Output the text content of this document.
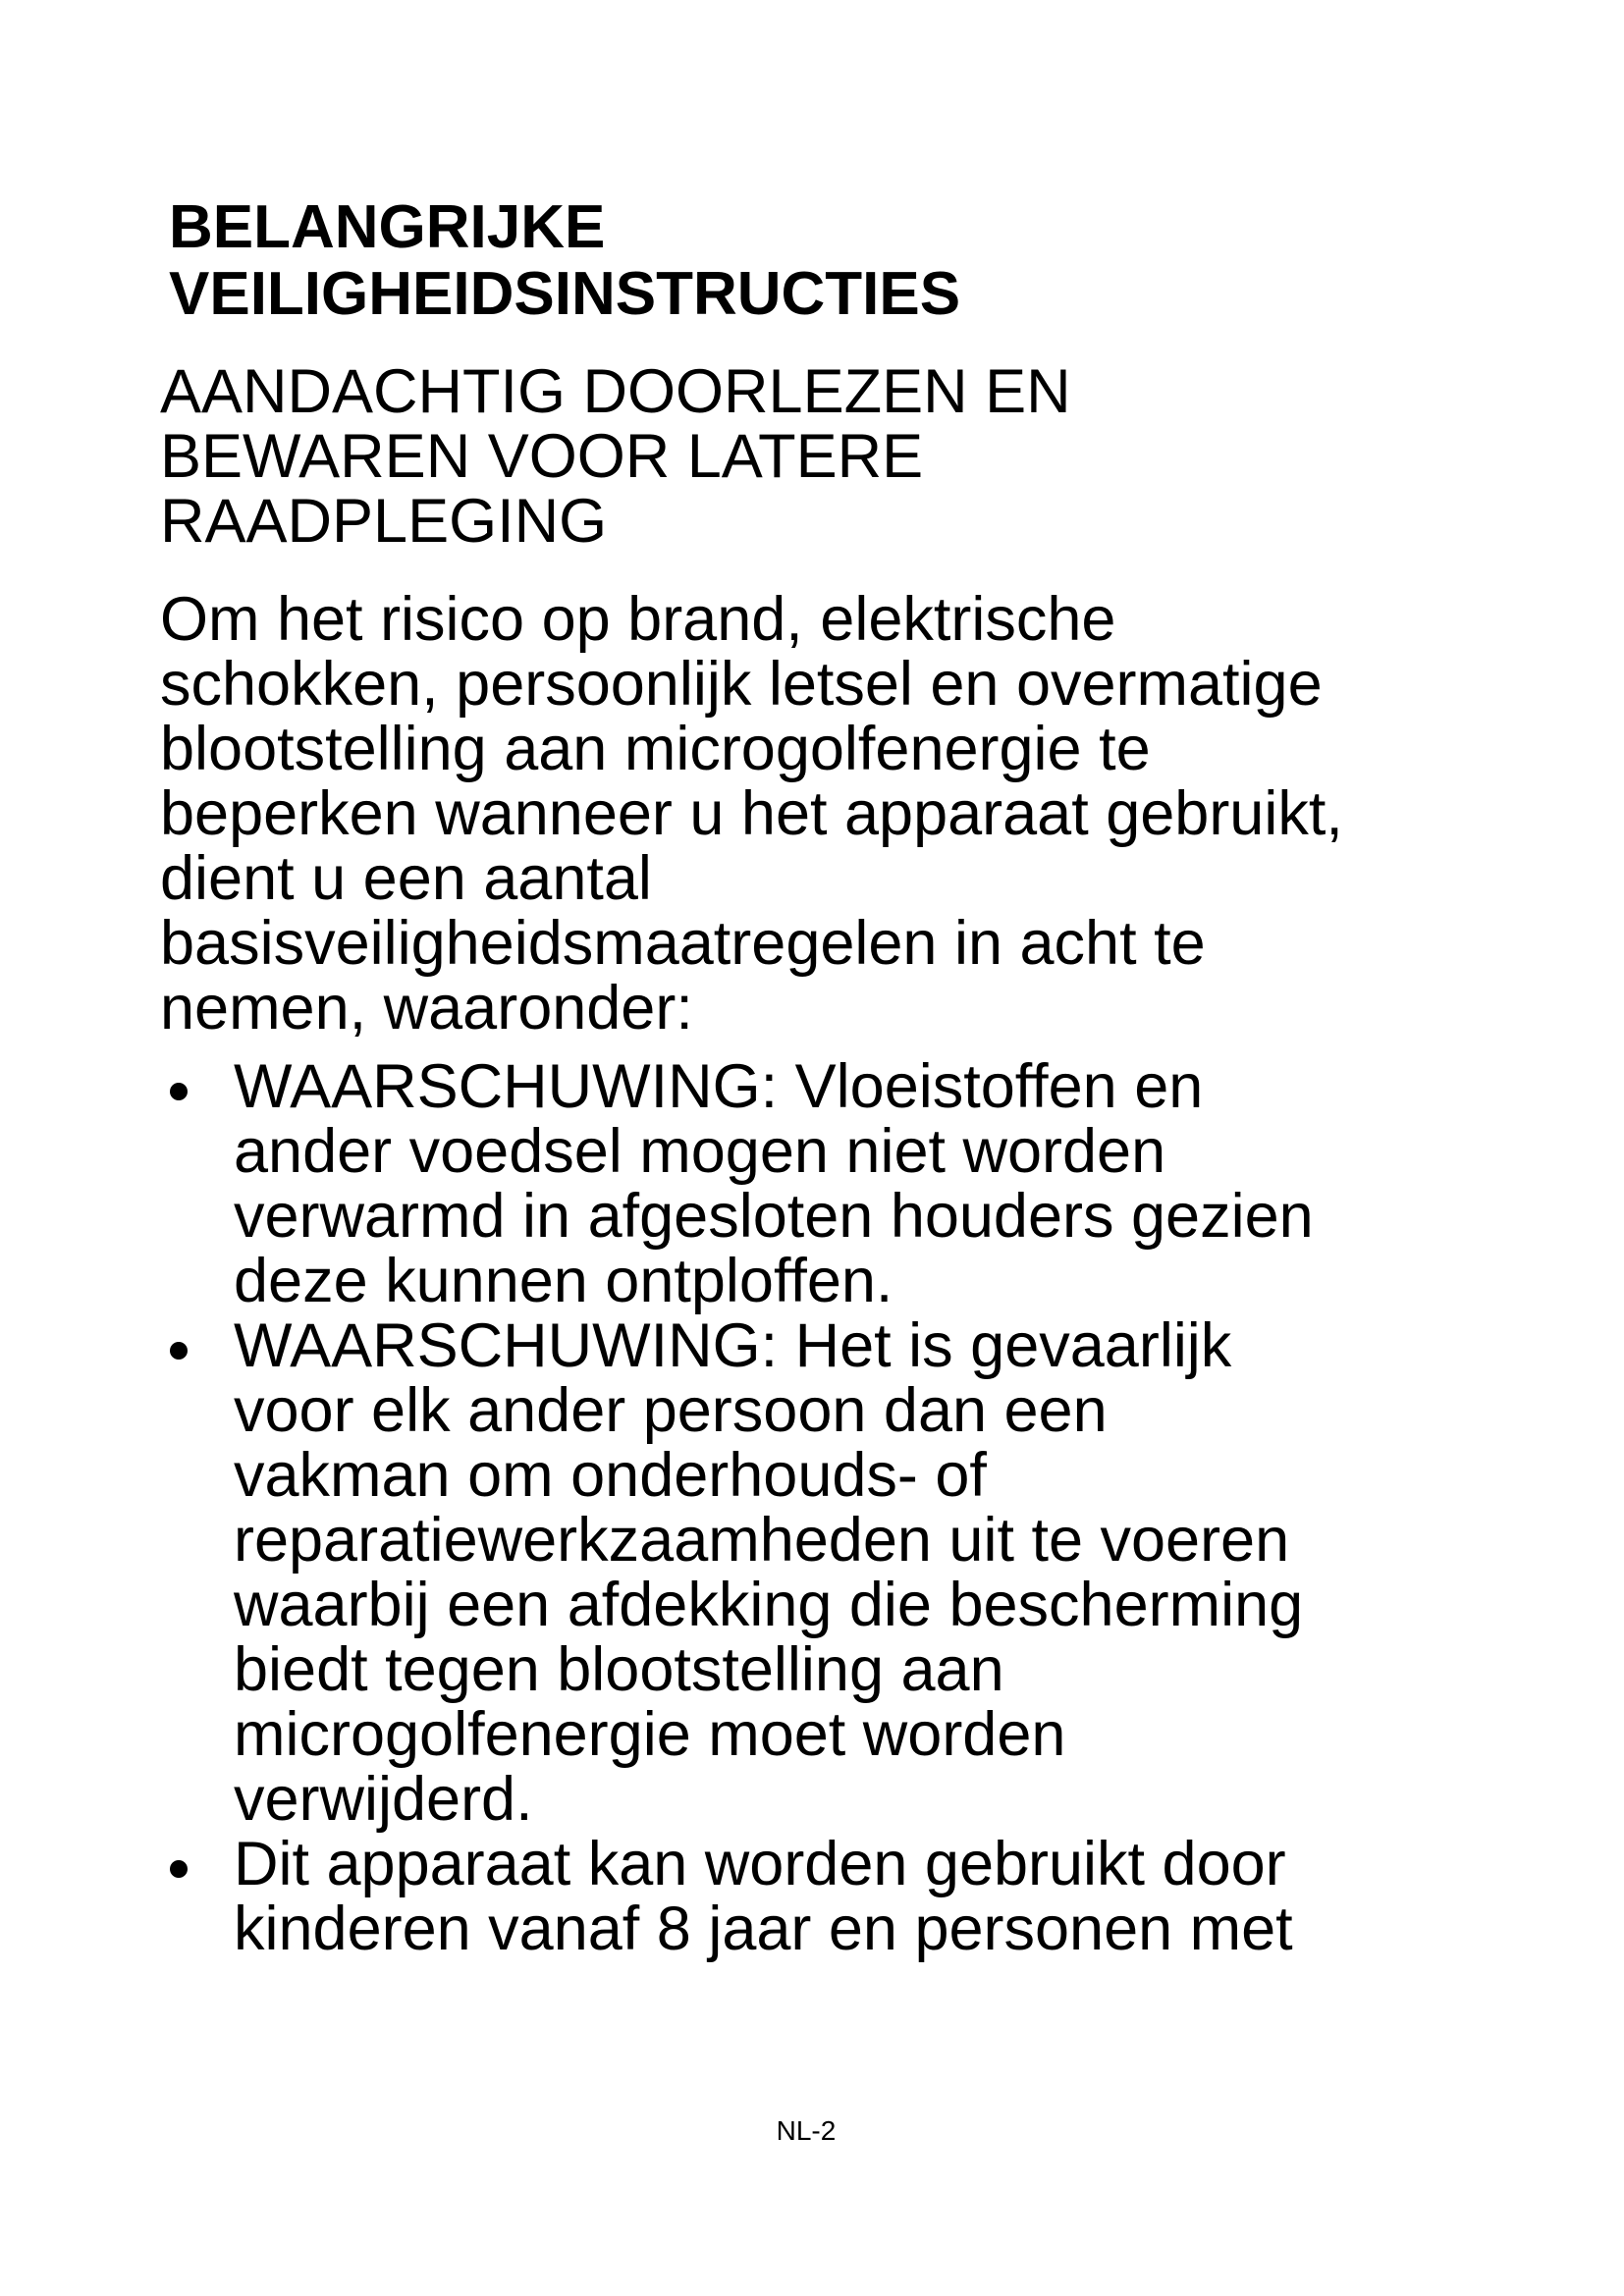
BELANGRIJKE
VEILIGHEIDSINSTRUCTIES
AANDACHTIG DOORLEZEN EN
BEWAREN VOOR LATERE
RAADPLEGING

Om het risico op brand, elektrische
schokken, persoonlijk letsel en overmatige
blootstelling aan microgolfenergie te
beperken wanneer u het apparaat gebruikt,
dient u een aantal
basisveiligheidsmaatregelen in acht te
nemen, waaronder:

WAARSCHUWING: Vloeistoffen en
ander voedsel mogen niet worden
verwarmd in afgesloten houders gezien
deze kunnen ontploffen.
WAARSCHUWING: Het is gevaarlijk
voor elk ander persoon dan een
vakman om onderhouds- of
reparatiewerkzaamheden uit te voeren
waarbij een afdekking die bescherming
biedt tegen blootstelling aan
microgolfenergie moet worden
verwijderd.
Dit apparaat kan worden gebruikt door
kinderen vanaf 8 jaar en personen met
NL-2
